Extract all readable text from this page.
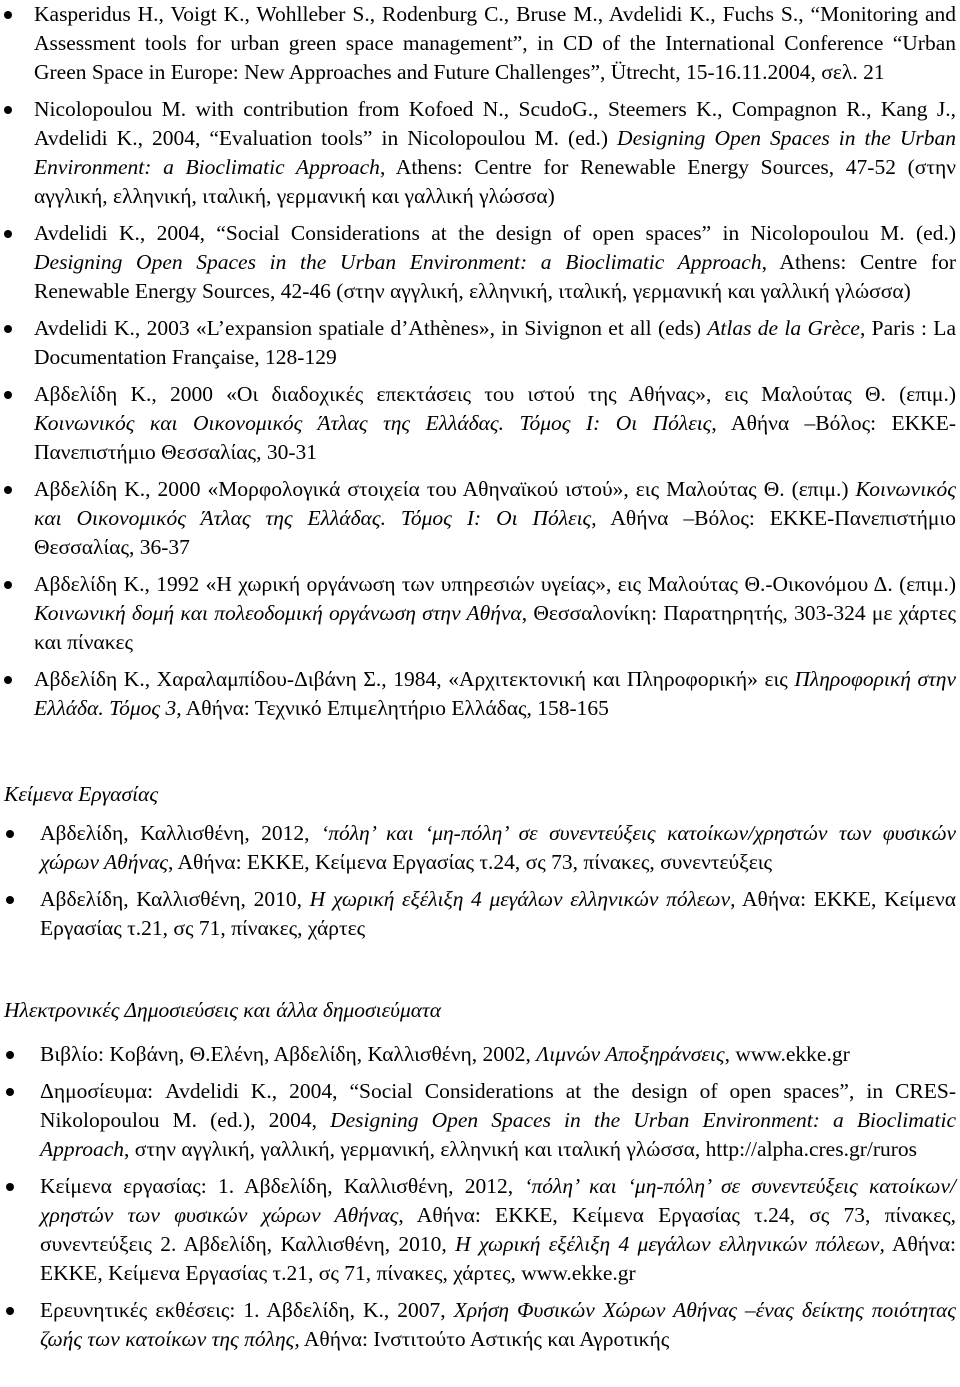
Kasperidus H., Voigt K., Wohlleber S., Rodenburg C., Bruse M., Avdelidi K., Fuchs S., “Monitoring and Assessment tools for urban green space management”, in CD of the International Conference “Urban Green Space in Europe: New Approaches and Future Challenges”, Ütrecht, 15-16.11.2004, σελ. 21
Nicolopoulou M. with contribution from Kofoed N., ScudoG., Steemers K., Compagnon R., Kang J., Avdelidi K., 2004, “Evaluation tools” in Nicolopoulou M. (ed.) Designing Open Spaces in the Urban Environment: a Bioclimatic Approach, Athens: Centre for Renewable Energy Sources, 47-52 (στην αγγλική, ελληνική, ιταλική, γερμανική και γαλλική γλώσσα)
Avdelidi K., 2004, “Social Considerations at the design of open spaces” in Nicolopoulou M. (ed.) Designing Open Spaces in the Urban Environment: a Bioclimatic Approach, Athens: Centre for Renewable Energy Sources, 42-46 (στην αγγλική, ελληνική, ιταλική, γερμανική και γαλλική γλώσσα)
Avdelidi K., 2003 «L’expansion spatiale d’Athènes», in Sivignon et all (eds) Atlas de la Grèce, Paris : La Documentation Française, 128-129
Αβδελίδη Κ., 2000 «Οι διαδοχικές επεκτάσεις του ιστού της Αθήνας», εις Μαλούτας Θ. (επιμ.) Κοινωνικός και Οικονομικός Άτλας της Ελλάδας. Τόμος Ι: Οι Πόλεις, Αθήνα –Βόλος: ΕΚΚΕ-Πανεπιστήμιο Θεσσαλίας, 30-31
Αβδελίδη Κ., 2000 «Μορφολογικά στοιχεία του Αθηναϊκού ιστού», εις Μαλούτας Θ. (επιμ.) Κοινωνικός και Οικονομικός Άτλας της Ελλάδας. Τόμος Ι: Οι Πόλεις, Αθήνα –Βόλος: ΕΚΚΕ-Πανεπιστήμιο Θεσσαλίας, 36-37
Αβδελίδη Κ., 1992 «Η χωρική οργάνωση των υπηρεσιών υγείας», εις Μαλούτας Θ.-Οικονόμου Δ. (επιμ.) Κοινωνική δομή και πολεοδομική οργάνωση στην Αθήνα, Θεσσαλονίκη: Παρατηρητής, 303-324 με χάρτες και πίνακες
Αβδελίδη Κ., Χαραλαμπίδου-Διβάνη Σ., 1984, «Αρχιτεκτονική και Πληροφορική» εις Πληροφορική στην Ελλάδα. Τόμος 3, Αθήνα: Τεχνικό Επιμελητήριο Ελλάδας, 158-165
Κείμενα Εργασίας
Αβδελίδη, Καλλισθένη, 2012, ‘πόλη’ και ‘μη-πόλη’ σε συνεντεύξεις κατοίκων/χρηστών των φυσικών χώρων Αθήνας, Αθήνα: ΕΚΚΕ, Κείμενα Εργασίας τ.24, σς 73, πίνακες, συνεντεύξεις
Αβδελίδη, Καλλισθένη, 2010, Η χωρική εξέλιξη 4 μεγάλων ελληνικών πόλεων, Αθήνα: ΕΚΚΕ, Κείμενα Εργασίας τ.21, σς 71, πίνακες, χάρτες
Ηλεκτρονικές Δημοσιεύσεις και άλλα δημοσιεύματα
Βιβλίο: Κοβάνη, Θ.Ελένη, Αβδελίδη, Καλλισθένη, 2002, Λιμνών Αποξηράνσεις, www.ekke.gr
Δημοσίευμα: Avdelidi K., 2004, “Social Considerations at the design of open spaces”, in CRES-Nikolopoulou M. (ed.), 2004, Designing Open Spaces in the Urban Environment: a Bioclimatic Approach, στην αγγλική, γαλλική, γερμανική, ελληνική και ιταλική γλώσσα, http://alpha.cres.gr/ruros
Κείμενα εργασίας: 1. Αβδελίδη, Καλλισθένη, 2012, ‘πόλη’ και ‘μη-πόλη’ σε συνεντεύξεις κατοίκων/χρηστών των φυσικών χώρων Αθήνας, Αθήνα: ΕΚΚΕ, Κείμενα Εργασίας τ.24, σς 73, πίνακες, συνεντεύξεις 2. Αβδελίδη, Καλλισθένη, 2010, Η χωρική εξέλιξη 4 μεγάλων ελληνικών πόλεων, Αθήνα: ΕΚΚΕ, Κείμενα Εργασίας τ.21, σς 71, πίνακες, χάρτες, www.ekke.gr
Ερευνητικές εκθέσεις: 1. Αβδελίδη, Κ., 2007, Χρήση Φυσικών Χώρων Αθήνας –ένας δείκτης ποιότητας ζωής των κατοίκων της πόλης, Αθήνα: Ινστιτούτο Αστικής και Αγροτικής
